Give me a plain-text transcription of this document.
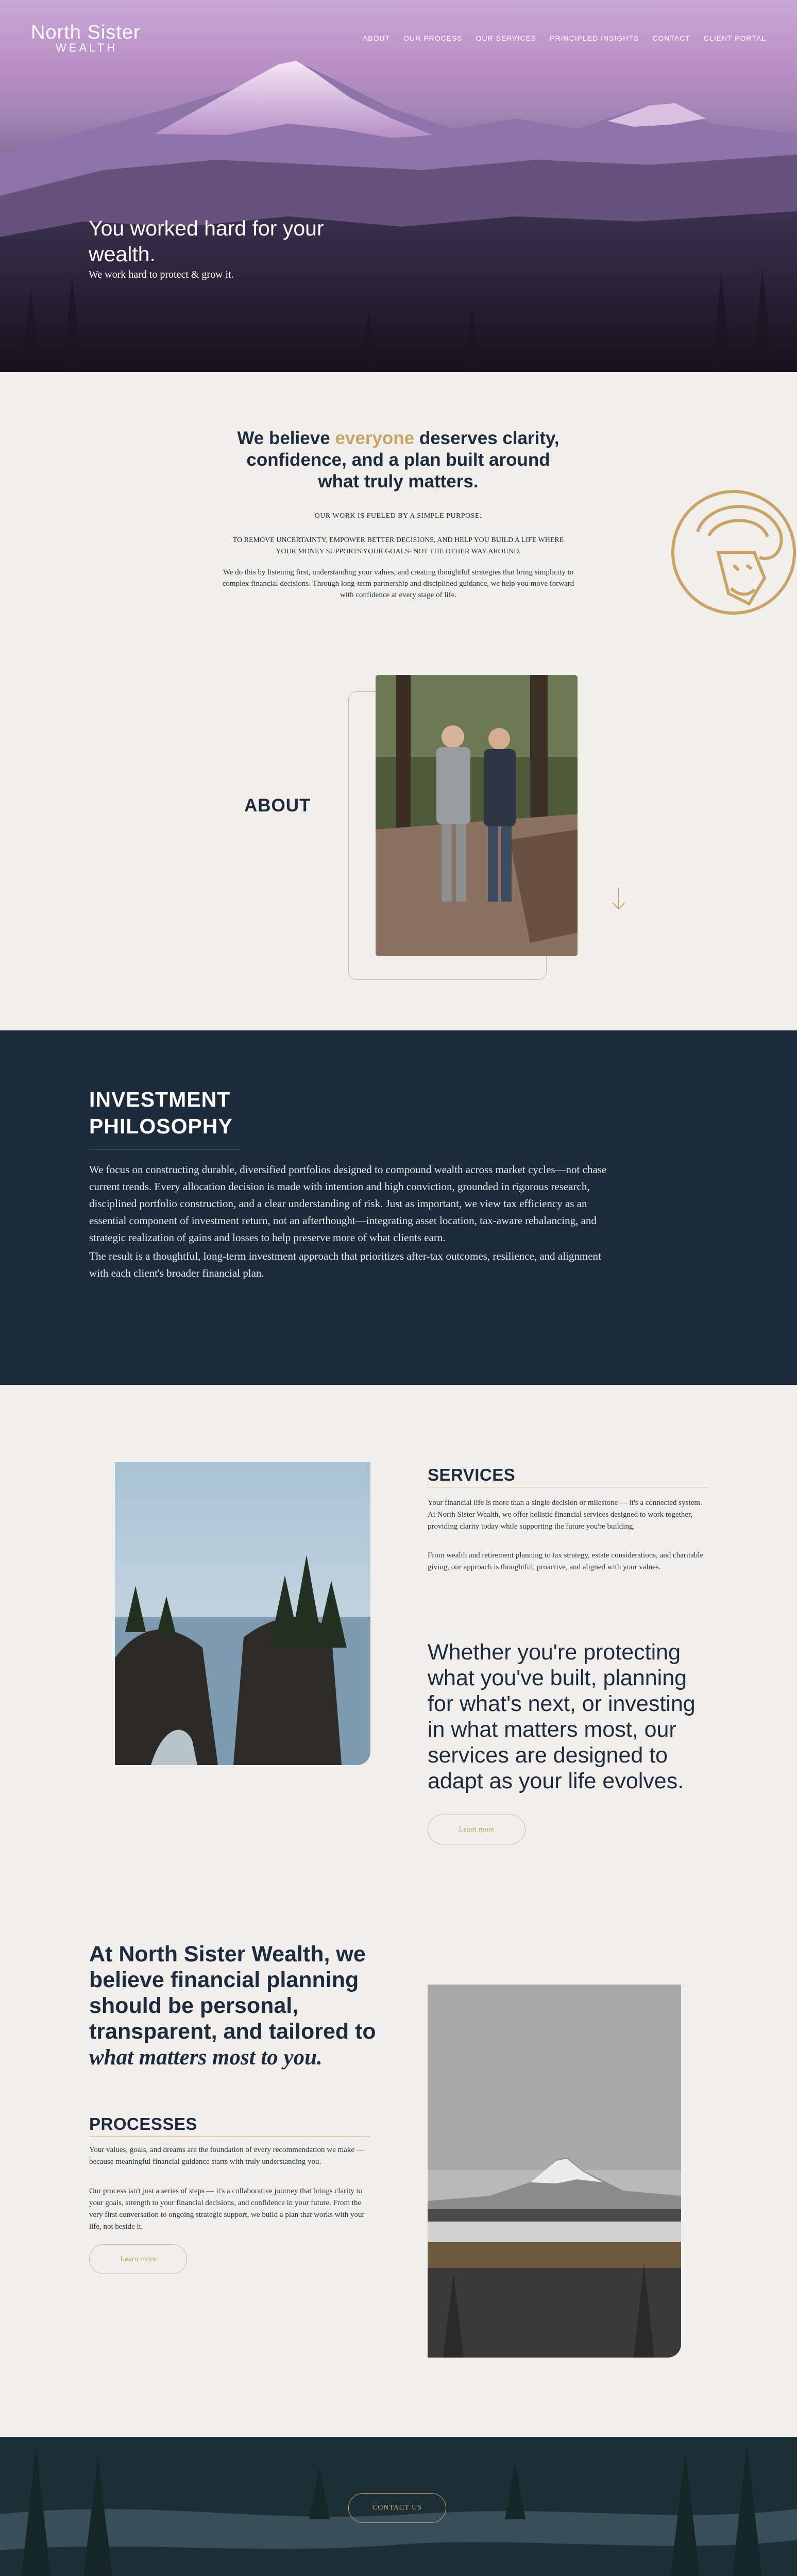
North Sister
WEALTH
ABOUT OUR PROCESS OUR SERVICES PRINCIPLED INSIGHTS CONTACT CLIENT PORTAL
You worked hard for your wealth.

We work hard to protect & grow it.

We believe everyone deserves clarity, confidence, and a plan built around what truly matters.

OUR WORK IS FUELED BY A SIMPLE PURPOSE:

TO REMOVE UNCERTAINTY, EMPOWER BETTER DECISIONS, AND HELP YOU BUILD A LIFE WHERE YOUR MONEY SUPPORTS YOUR GOALS- NOT THE OTHER WAY AROUND.

We do this by listening first, understanding your values, and creating thoughtful strategies that bring simplicity to complex financial decisions. Through long-term partnership and disciplined guidance, we help you move forward with confidence at every stage of life.

ABOUT
INVESTMENT
PHILOSOPHY

We focus on constructing durable, diversified portfolios designed to compound wealth across market cycles—not chase current trends. Every allocation decision is made with intention and high conviction, grounded in rigorous research, disciplined portfolio construction, and a clear understanding of risk. Just as important, we view tax efficiency as an essential component of investment return, not an afterthought—integrating asset location, tax-aware rebalancing, and strategic realization of gains and losses to help preserve more of what clients earn.

The result is a thoughtful, long-term investment approach that prioritizes after-tax outcomes, resilience, and alignment with each client's broader financial plan.

SERVICES

Your financial life is more than a single decision or milestone — it's a connected system. At North Sister Wealth, we offer holistic financial services designed to work together, providing clarity today while supporting the future you're building.

From wealth and retirement planning to tax strategy, estate considerations, and charitable giving, our approach is thoughtful, proactive, and aligned with your values.

Whether you're protecting what you've built, planning for what's next, or investing in what matters most, our services are designed to adapt as your life evolves.

Learn more
At North Sister Wealth, we believe financial planning should be personal, transparent, and tailored to what matters most to you.
PROCESSES

Your values, goals, and dreams are the foundation of every recommendation we make — because meaningful financial guidance starts with truly understanding you.

Our process isn't just a series of steps — it's a collaborative journey that brings clarity to your goals, strength to your financial decisions, and confidence in your future. From the very first conversation to ongoing strategic support, we build a plan that works with your life, not beside it.

Learn more
CONTACT US
